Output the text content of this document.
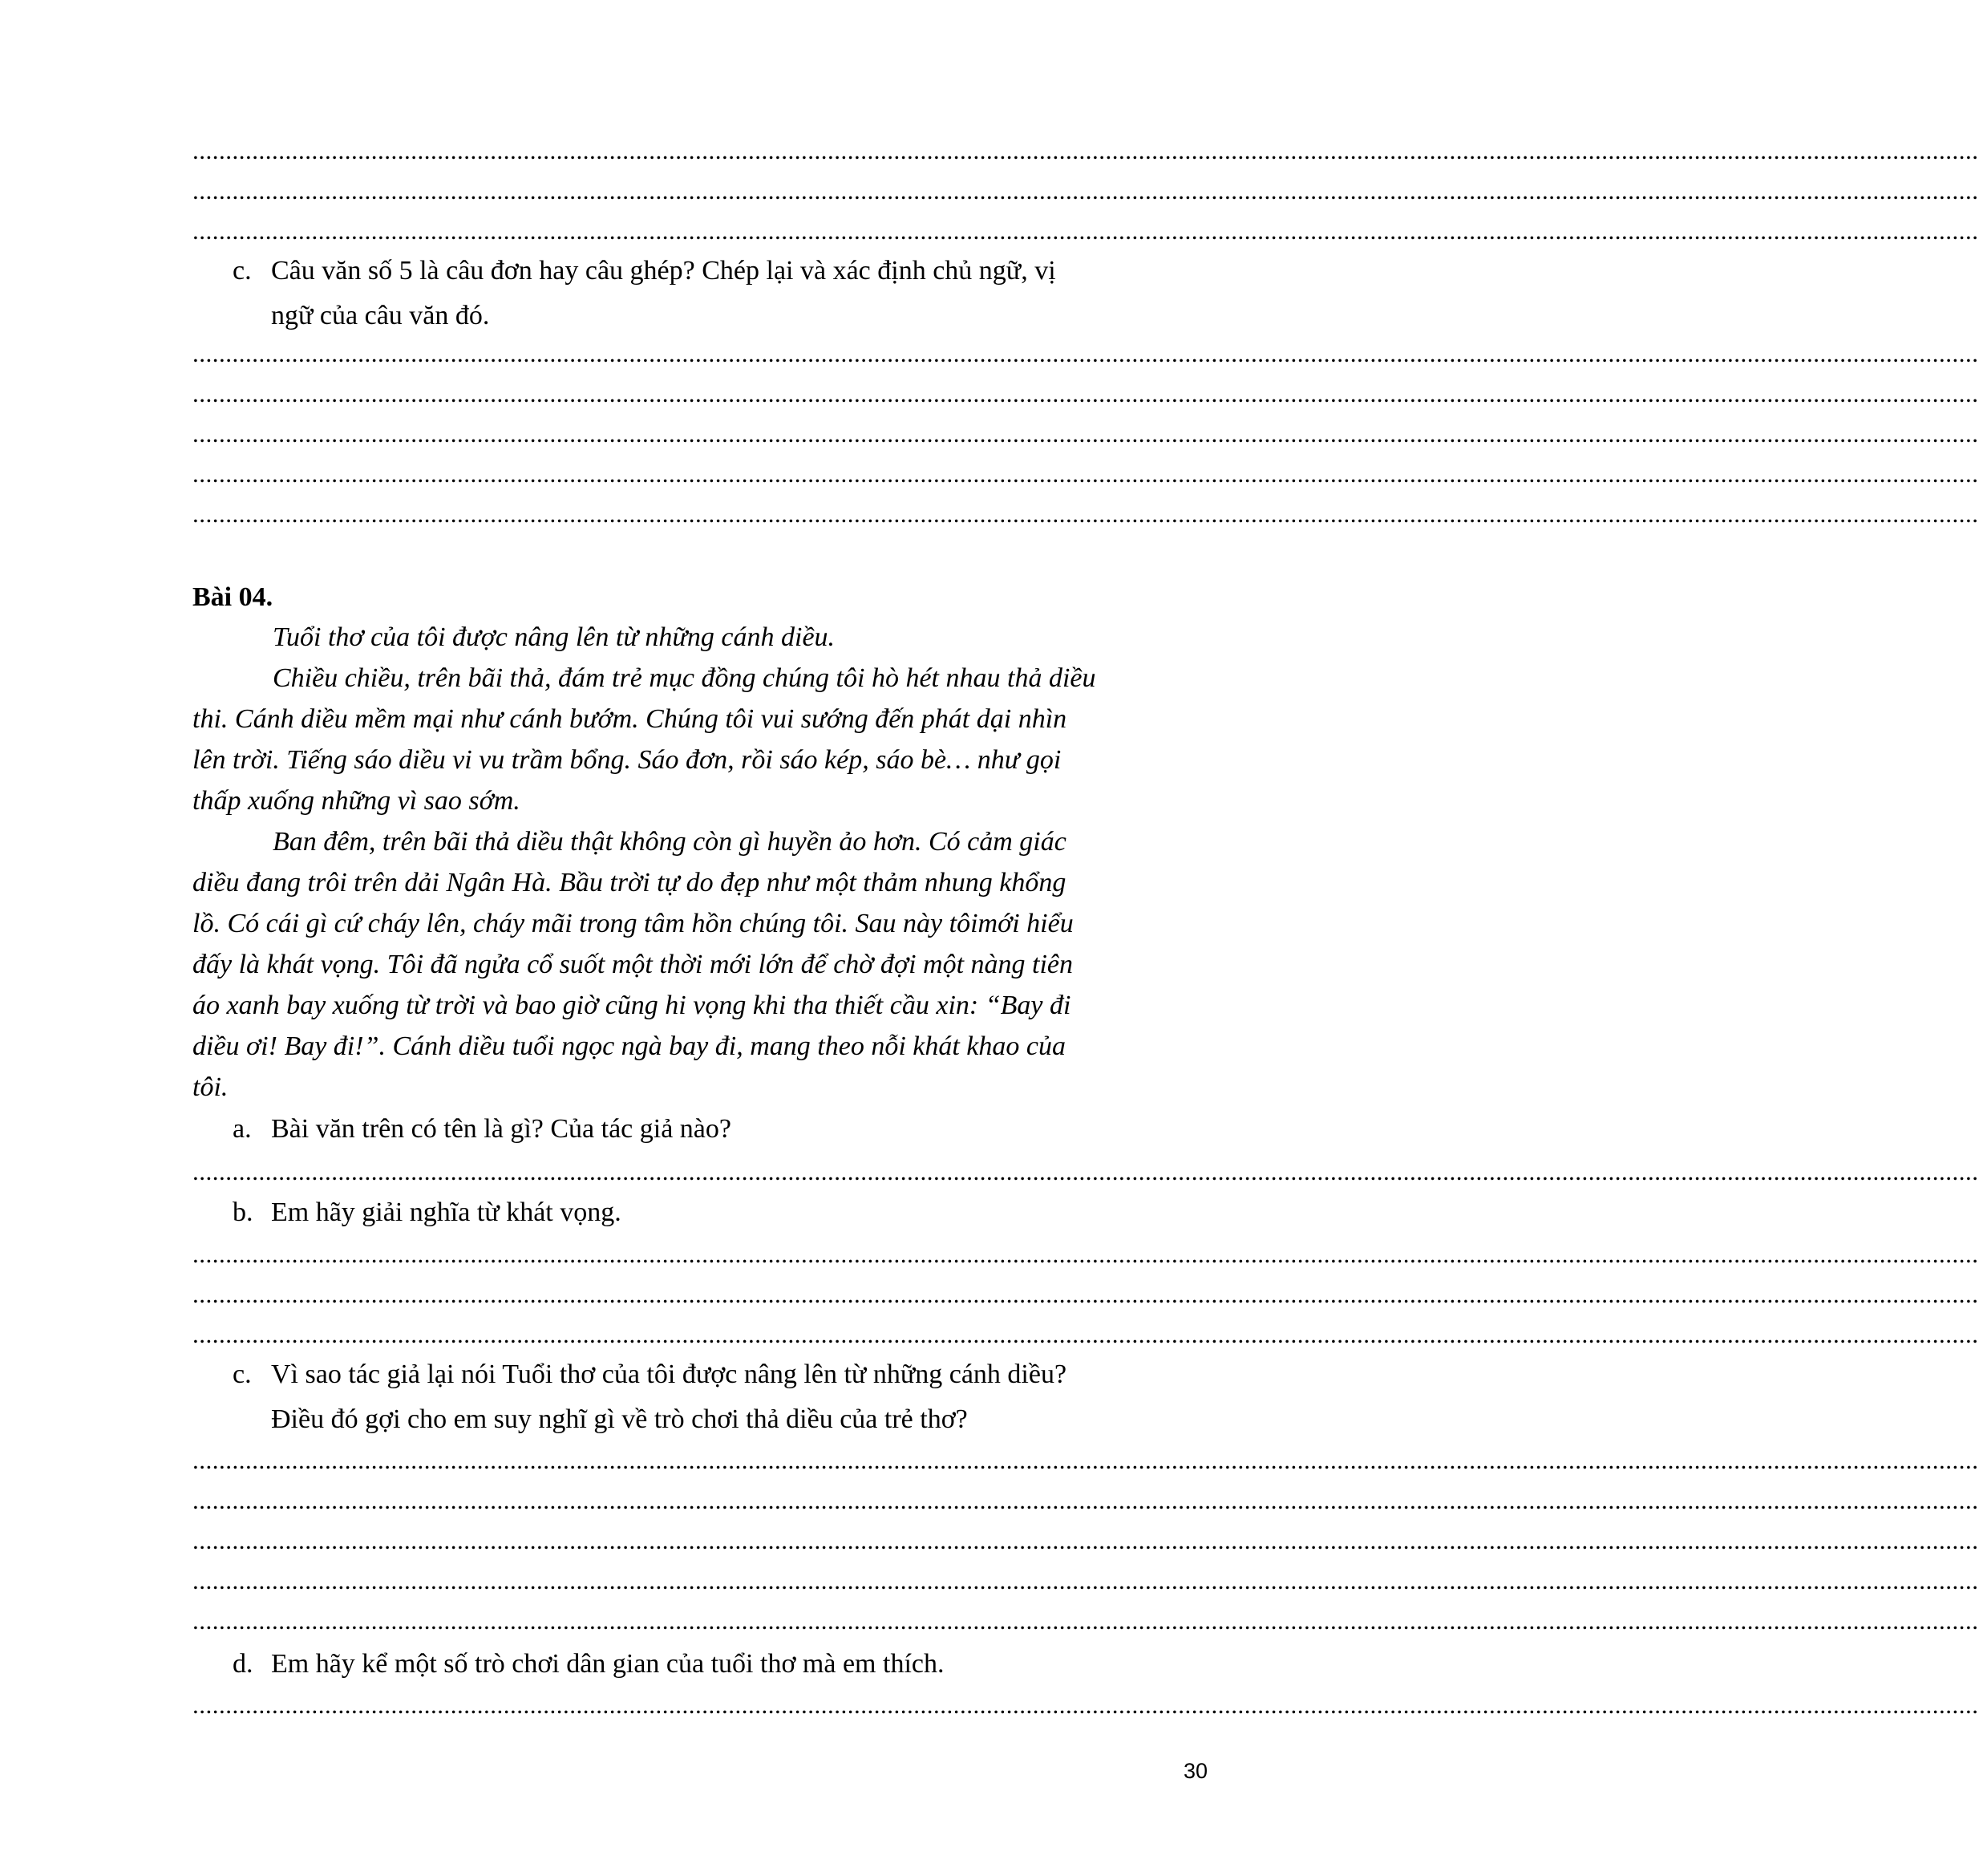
..............................................................................................................................................................................................................................................................................
..............................................................................................................................................................................................................................................................................
..............................................................................................................................................................................................................................................................................
c. Câu văn số 5 là câu đơn hay câu ghép? Chép lại và xác định chủ ngữ, vị
ngữ của câu văn đó.
..............................................................................................................................................................................................................................................................................
..............................................................................................................................................................................................................................................................................
..............................................................................................................................................................................................................................................................................
..............................................................................................................................................................................................................................................................................
..............................................................................................................................................................................................................................................................................
Bài 04.
Tuổi thơ của tôi được nâng lên từ những cánh diều.
Chiều chiều, trên bãi thả, đám trẻ mục đồng chúng tôi hò hét nhau thả diều
thi. Cánh diều mềm mại như cánh bướm. Chúng tôi vui sướng đến phát dại nhìn
lên trời. Tiếng sáo diều vi vu trầm bổng. Sáo đơn, rồi sáo kép, sáo bè… như gọi
thấp xuống những vì sao sớm.
Ban đêm, trên bãi thả diều thật không còn gì huyền ảo hơn. Có cảm giác
diều đang trôi trên dải Ngân Hà. Bầu trời tự do đẹp như một thảm nhung khổng
lồ. Có cái gì cứ cháy lên, cháy mãi trong tâm hồn chúng tôi. Sau này tôimới hiểu
đấy là khát vọng. Tôi đã ngửa cổ suốt một thời mới lớn để chờ đợi một nàng tiên
áo xanh bay xuống từ trời và bao giờ cũng hi vọng khi tha thiết cầu xin: “Bay đi
diều ơi! Bay đi!”. Cánh diều tuổi ngọc ngà bay đi, mang theo nỗi khát khao của
tôi.
a. Bài văn trên có tên là gì? Của tác giả nào?
..............................................................................................................................................................................................................................................................................
b. Em hãy giải nghĩa từ khát vọng.
..............................................................................................................................................................................................................................................................................
..............................................................................................................................................................................................................................................................................
..............................................................................................................................................................................................................................................................................
c. Vì sao tác giả lại nói Tuổi thơ của tôi được nâng lên từ những cánh diều?
Điều đó gợi cho em suy nghĩ gì về trò chơi thả diều của trẻ thơ?
..............................................................................................................................................................................................................................................................................
..............................................................................................................................................................................................................................................................................
..............................................................................................................................................................................................................................................................................
..............................................................................................................................................................................................................................................................................
..............................................................................................................................................................................................................................................................................
d. Em hãy kể một số trò chơi dân gian của tuổi thơ mà em thích.
..............................................................................................................................................................................................................................................................................
30
